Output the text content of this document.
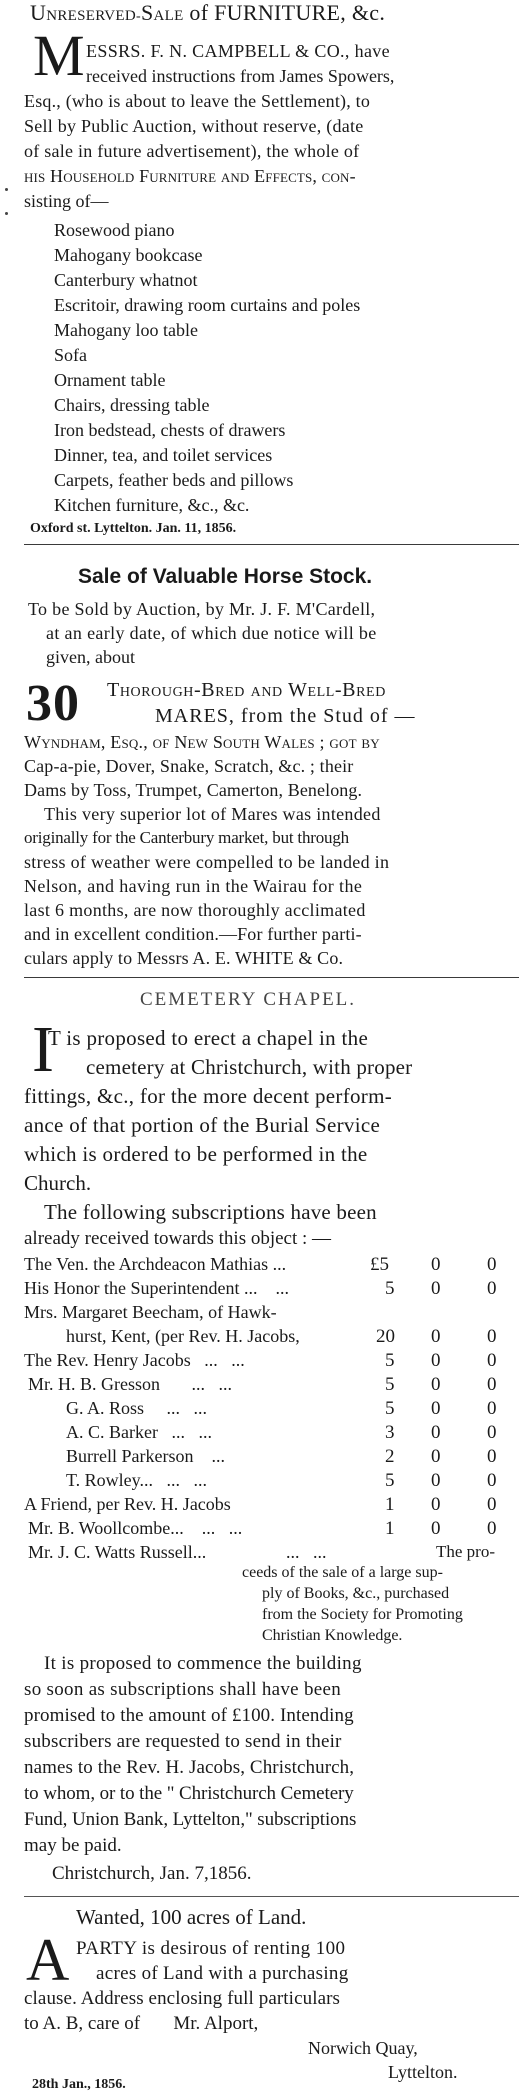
Unreserved-Sale of FURNITURE, &c.
M ESSRS. F. N. CAMPBELL & CO., have
received instructions from James Spowers,
Esq., (who is about to leave the Settlement), to
Sell by Public Auction, without reserve, (date
of sale in future advertisement), the whole of
his Household Furniture and Effects, con-
sisting of—
Rosewood piano
Mahogany bookcase
Canterbury whatnot
Escritoir, drawing room curtains and poles
Mahogany loo table
Sofa
Ornament table
Chairs, dressing table
Iron bedstead, chests of drawers
Dinner, tea, and toilet services
Carpets, feather beds and pillows
Kitchen furniture, &c., &c.
Oxford st. Lyttelton. Jan. 11, 1856.
Sale of Valuable Horse Stock.
To be Sold by Auction, by Mr. J. F. M'Cardell,
at an early date, of which due notice will be
given, about
30 Thorough-Bred and Well-Bred
MARES, from the Stud of —
Wyndham, Esq., of New South Wales ; got by
Cap-a-pie, Dover, Snake, Scratch, &c. ; their
Dams by Toss, Trumpet, Camerton, Benelong.
This very superior lot of Mares was intended
originally for the Canterbury market, but through
stress of weather were compelled to be landed in
Nelson, and having run in the Wairau for the
last 6 months, are now thoroughly acclimated
and in excellent condition.—For further parti-
culars apply to Messrs A. E. WHITE & Co.
CEMETERY CHAPEL.
I
T is proposed to erect a chapel in the
cemetery at Christchurch, with proper
fittings, &c., for the more decent perform-
ance of that portion of the Burial Service
which is ordered to be performed in the
Church.
The following subscriptions have been
already received towards this object : —
The Ven. the Archdeacon Mathias ...	£5 0 0
His Honor the Superintendent ...    ...	5 0 0
Mrs. Margaret Beecham, of Hawk-
hurst, Kent, (per Rev. H. Jacobs,	20 0 0
The Rev. Henry Jacobs   ...   ...	5 0 0
Mr. H. B. Gresson       ...   ...	5 0 0
G. A. Ross     ...   ...	5 0 0
A. C. Barker   ...   ...	3 0 0
Burrell Parkerson    ...	2 0 0
T. Rowley...   ...   ...	5 0 0
A Friend, per Rev. H. Jacobs	1 0 0
Mr. B. Woollcombe...    ...   ...	1 0 0
Mr. J. C. Watts Russell...	...   ...	The pro-
ceeds of the sale of a large sup-
ply of Books, &c., purchased
from the Society for Promoting
Christian Knowledge.
It is proposed to commence the building
so soon as subscriptions shall have been
promised to the amount of £100. Intending
subscribers are requested to send in their
names to the Rev. H. Jacobs, Christchurch,
to whom, or to the " Christchurch Cemetery
Fund, Union Bank, Lyttelton," subscriptions
may be paid.
Christchurch, Jan. 7,1856.
Wanted, 100 acres of Land.
A PARTY is desirous of renting 100
acres of Land with a purchasing
clause. Address enclosing full particulars
to A. B, care of       Mr. Alport,
Norwich Quay,
Lyttelton.
28th Jan., 1856.
